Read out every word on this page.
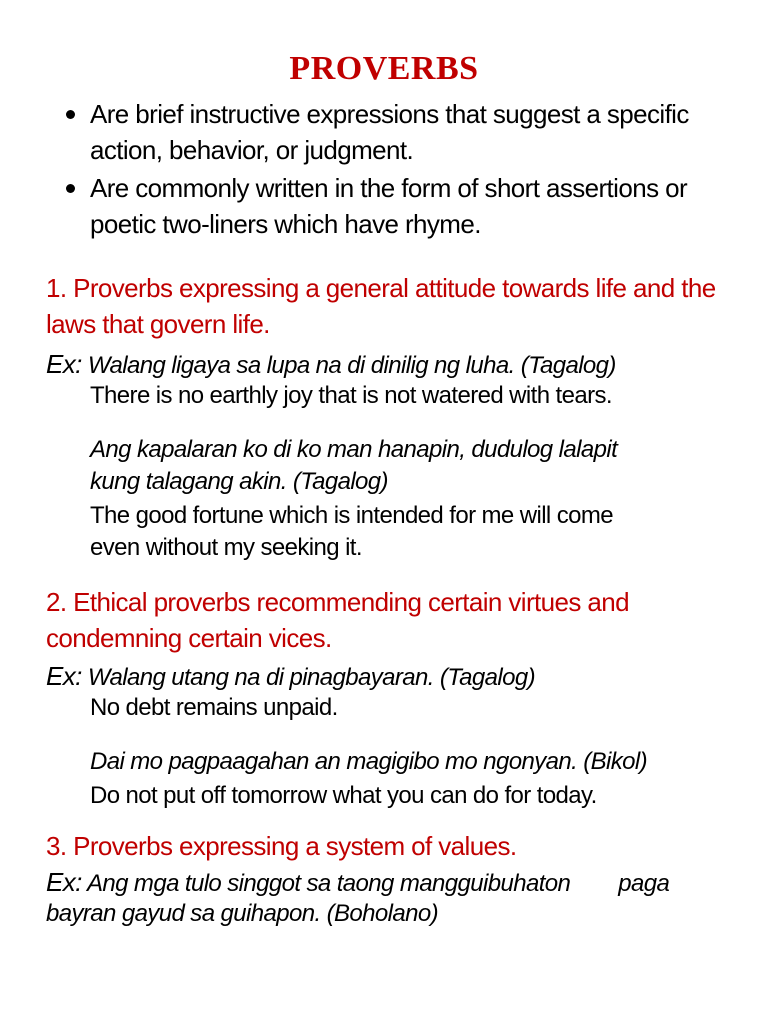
PROVERBS
Are brief instructive expressions that suggest a specific action, behavior, or judgment.
Are commonly written in the form of short assertions or poetic two-liners which have rhyme.
1. Proverbs expressing a general attitude towards life and the laws that govern life.
Ex: Walang ligaya sa lupa na di dinilig ng luha. (Tagalog)
There is no earthly joy that is not watered with tears.
Ang kapalaran ko di ko man hanapin, dudulog lalapit
kung talagang akin. (Tagalog)
The good fortune which is intended for me will come
even without my seeking it.
2. Ethical proverbs recommending certain virtues and condemning certain vices.
Ex: Walang utang na di pinagbayaran. (Tagalog)
No debt remains unpaid.
Dai mo pagpaagahan an magigibo mo ngonyan. (Bikol)
Do not put off tomorrow what you can do for today.
3. Proverbs expressing a system of values.
Ex: Ang mga tulo singgot sa taong mangguibuhaton paga
bayran gayud sa guihapon. (Boholano)
